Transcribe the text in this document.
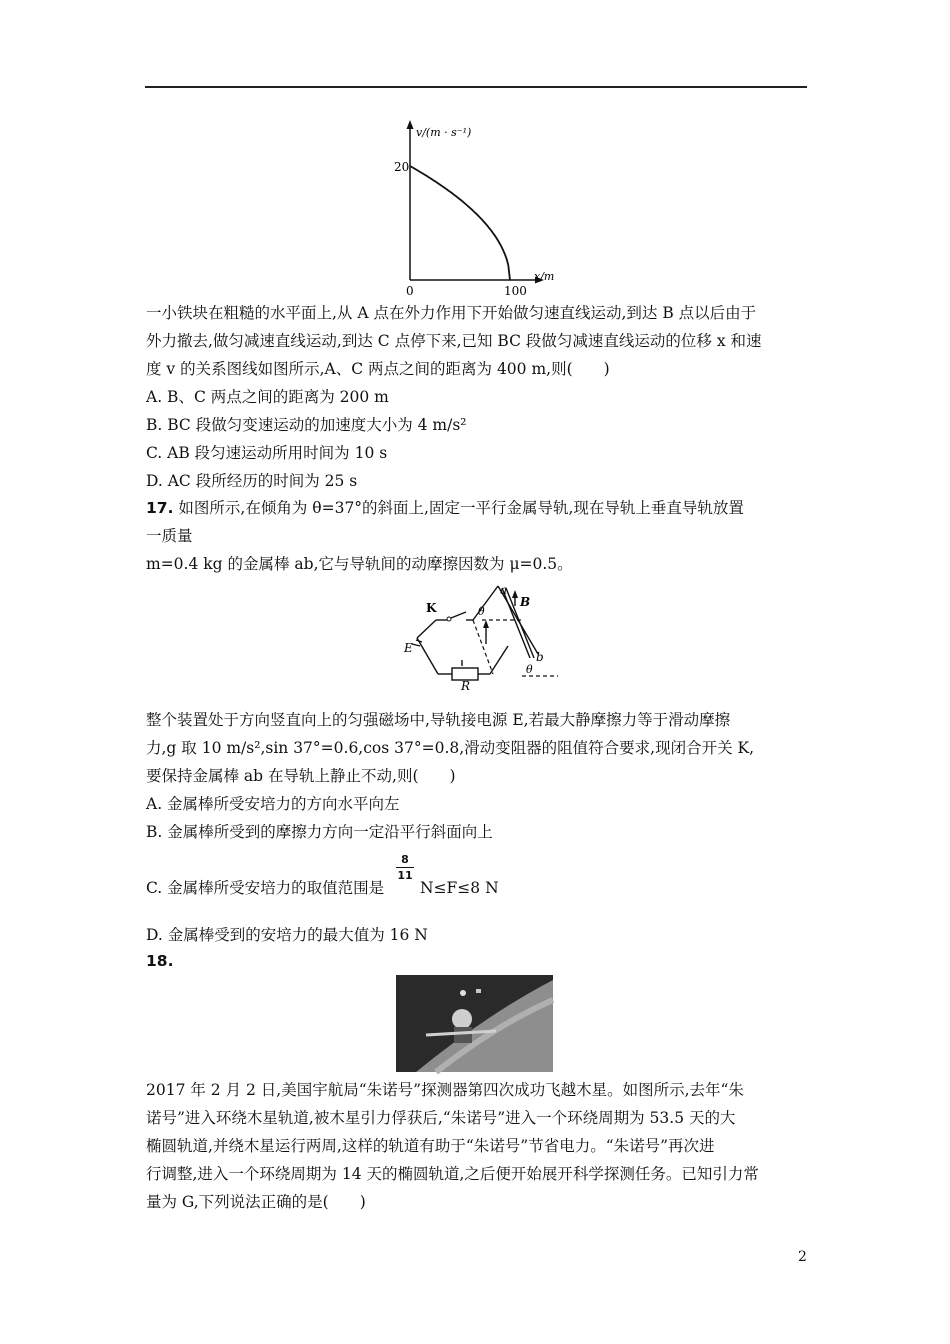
v/(m · s⁻¹)
20
0	100
x/m
一小铁块在粗糙的水平面上,从 A 点在外力作用下开始做匀速直线运动,到达 B 点以后由于
外力撤去,做匀减速直线运动,到达 C 点停下来,已知 BC 段做匀减速直线运动的位移 x 和速
度 v 的关系图线如图所示,A、C 两点之间的距离为 400 m,则(　　)
A. B、C 两点之间的距离为 200 m
B. BC 段做匀变速运动的加速度大小为 4 m/s²
C. AB 段匀速运动所用时间为 10 s
D. AC 段所经历的时间为 25 s
17. 如图所示,在倾角为 θ=37°的斜面上,固定一平行金属导轨,现在导轨上垂直导轨放置
一质量
m=0.4 kg 的金属棒 ab,它与导轨间的动摩擦因数为 μ=0.5。
K
E
R
a
b
B
θ
θ
整个装置处于方向竖直向上的匀强磁场中,导轨接电源 E,若最大静摩擦力等于滑动摩擦
力,g 取 10 m/s²,sin 37°=0.6,cos 37°=0.8,滑动变阻器的阻值符合要求,现闭合开关 K,
要保持金属棒 ab 在导轨上静止不动,则(　　)
A. 金属棒所受安培力的方向水平向左
B. 金属棒所受到的摩擦力方向一定沿平行斜面向上
8
11
C. 金属棒所受安培力的取值范围是 N≤F≤8 N
D. 金属棒受到的安培力的最大值为 16 N
18.
2017 年 2 月 2 日,美国宇航局“朱诺号”探测器第四次成功飞越木星。如图所示,去年“朱
诺号”进入环绕木星轨道,被木星引力俘获后,“朱诺号”进入一个环绕周期为 53.5 天的大
椭圆轨道,并绕木星运行两周,这样的轨道有助于“朱诺号”节省电力。“朱诺号”再次进
行调整,进入一个环绕周期为 14 天的椭圆轨道,之后便开始展开科学探测任务。已知引力常
量为 G,下列说法正确的是(　　)
2
